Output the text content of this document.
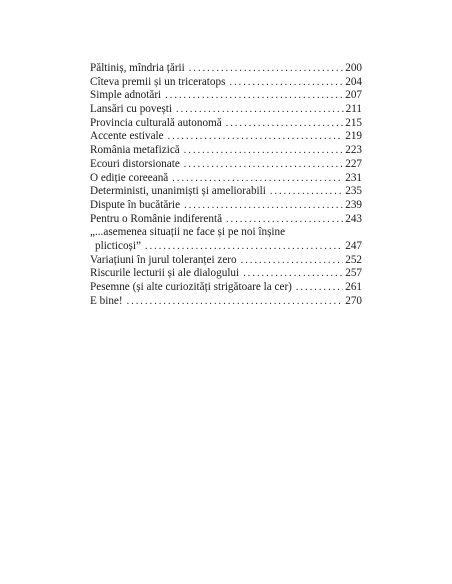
Păltiniș, mîndria țării . . .	200
Cîteva premii și un triceratops . . .	204
Simple adnotări . . .	207
Lansări cu povești . . .	211
Provincia culturală autonomă . . .	215
Accente estivale . . .	219
România metafizică . . .	223
Ecouri distorsionate . . .	227
O ediție coreeană . . .	231
Deterministi, unanimiști și ameliorabili . . .	235
Dispute în bucătărie . . .	239
Pentru o Românie indiferentă . . .	243
„...asemenea situații ne face și pe noi înșine
plicticoși” . . .	247
Variațiuni în jurul toleranței zero . . .	252
Riscurile lecturii și ale dialogului . . .	257
Pesemne (și alte curiozități strigătoare la cer) . . .	261
E bine! . . .	270
